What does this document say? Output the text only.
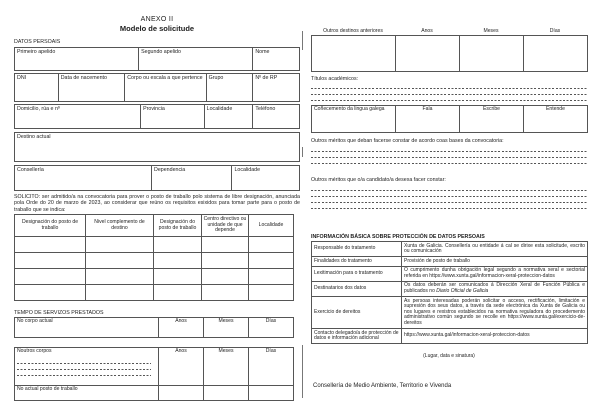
ANEXO II
Modelo de solicitude
DATOS PERSOAIS
Primeiro apelido	Segundo apelido	Nome
DNI	Data de nacemento	Corpo ou escala a que pertence	Grupo	Nº de RP
Domicilio, rúa e nº	Provincia	Localidade	Teléfono
Destino actual
Consellería	Dependencia	Localidade
SOLICITO: ser admitido/a na convocatoria para prover o posto de traballo polo sistema de libre designación, anunciada pola Orde do 20 de marzo de 2023, ao considerar que reúno os requisitos esixidos para tomar parte para o posto de traballo que se indica:
Designación do posto de traballo	Nivel complemento de destino	Designación do posto de traballo	Centro directivo ou unidade de que depende	Localidade

TEMPO DE SERVIZOS PRESTADOS
No corpo actual	Anos	Meses	Días
Noutros corpos	Anos	Meses	Días
No actual posto de traballo			
Outros destinos anteriores	Anos	Meses	Días

Títulos académicos:
Coñecemento da lingua galega	Fala	Escribe	Entende
Outros méritos que deban facerse constar de acordo coas bases da convocatoria:
Outros méritos que o/a candidato/a desexa facer constar:
INFORMACIÓN BÁSICA SOBRE PROTECCIÓN DE DATOS PERSOAIS
Responsable do tratamento	Xunta de Galicia. Consellería ou entidade á cal se dirixe esta solicitude, escrito ou comunicación
Finalidades do tratamento	Provisión de posto de traballo
Lexitimación para o tratamento	O cumprimento dunha obrigación legal segundo a normativa xeral e sectorial referida en https://www.xunta.gal/informacion-xeral-proteccion-datos
Destinatarios dos datos	Os datos deberán ser comunicados á Dirección Xeral de Función Pública e publicados no Diario Oficial de Galicia
Exercicio de dereitos	As persoas interesadas poderán solicitar o acceso, rectificación, limitación e supresión dos seus datos, a través da sede electrónica da Xunta de Galicia ou nos lugares e rexistros establecidos na normativa reguladora do procedemento administrativo común segundo se recolle en https://www.xunta.gal/exercicio-de-dereitos
Contacto delegado/a de protección de datos e información adicional	https://www.xunta.gal/informacion-xeral-proteccion-datos
(Lugar, data e sinatura)
Consellería de Medio Ambiente, Territorio e Vivenda
